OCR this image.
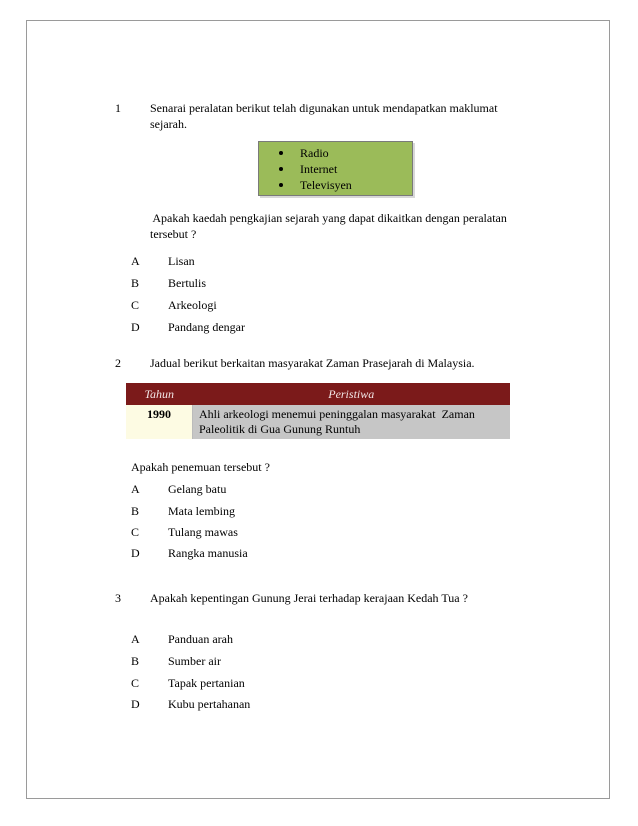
1 Senarai peralatan berikut telah digunakan untuk mendapatkan maklumat
sejarah.
Radio
Internet
Televisyen
Apakah kaedah pengkajian sejarah yang dapat dikaitkan dengan peralatan
tersebut ?
A Lisan
B Bertulis
C Arkeologi
D Pandang dengar
2 Jadual berikut berkaitan masyarakat Zaman Prasejarah di Malaysia.
Tahun	Peristiwa
1990	Ahli arkeologi menemui peninggalan masyarakat  Zaman
Paleolitik di Gua Gunung Runtuh
Apakah penemuan tersebut ?
A Gelang batu
B Mata lembing
C Tulang mawas
D Rangka manusia
3 Apakah kepentingan Gunung Jerai terhadap kerajaan Kedah Tua ?
A Panduan arah
B Sumber air
C Tapak pertanian
D Kubu pertahanan
